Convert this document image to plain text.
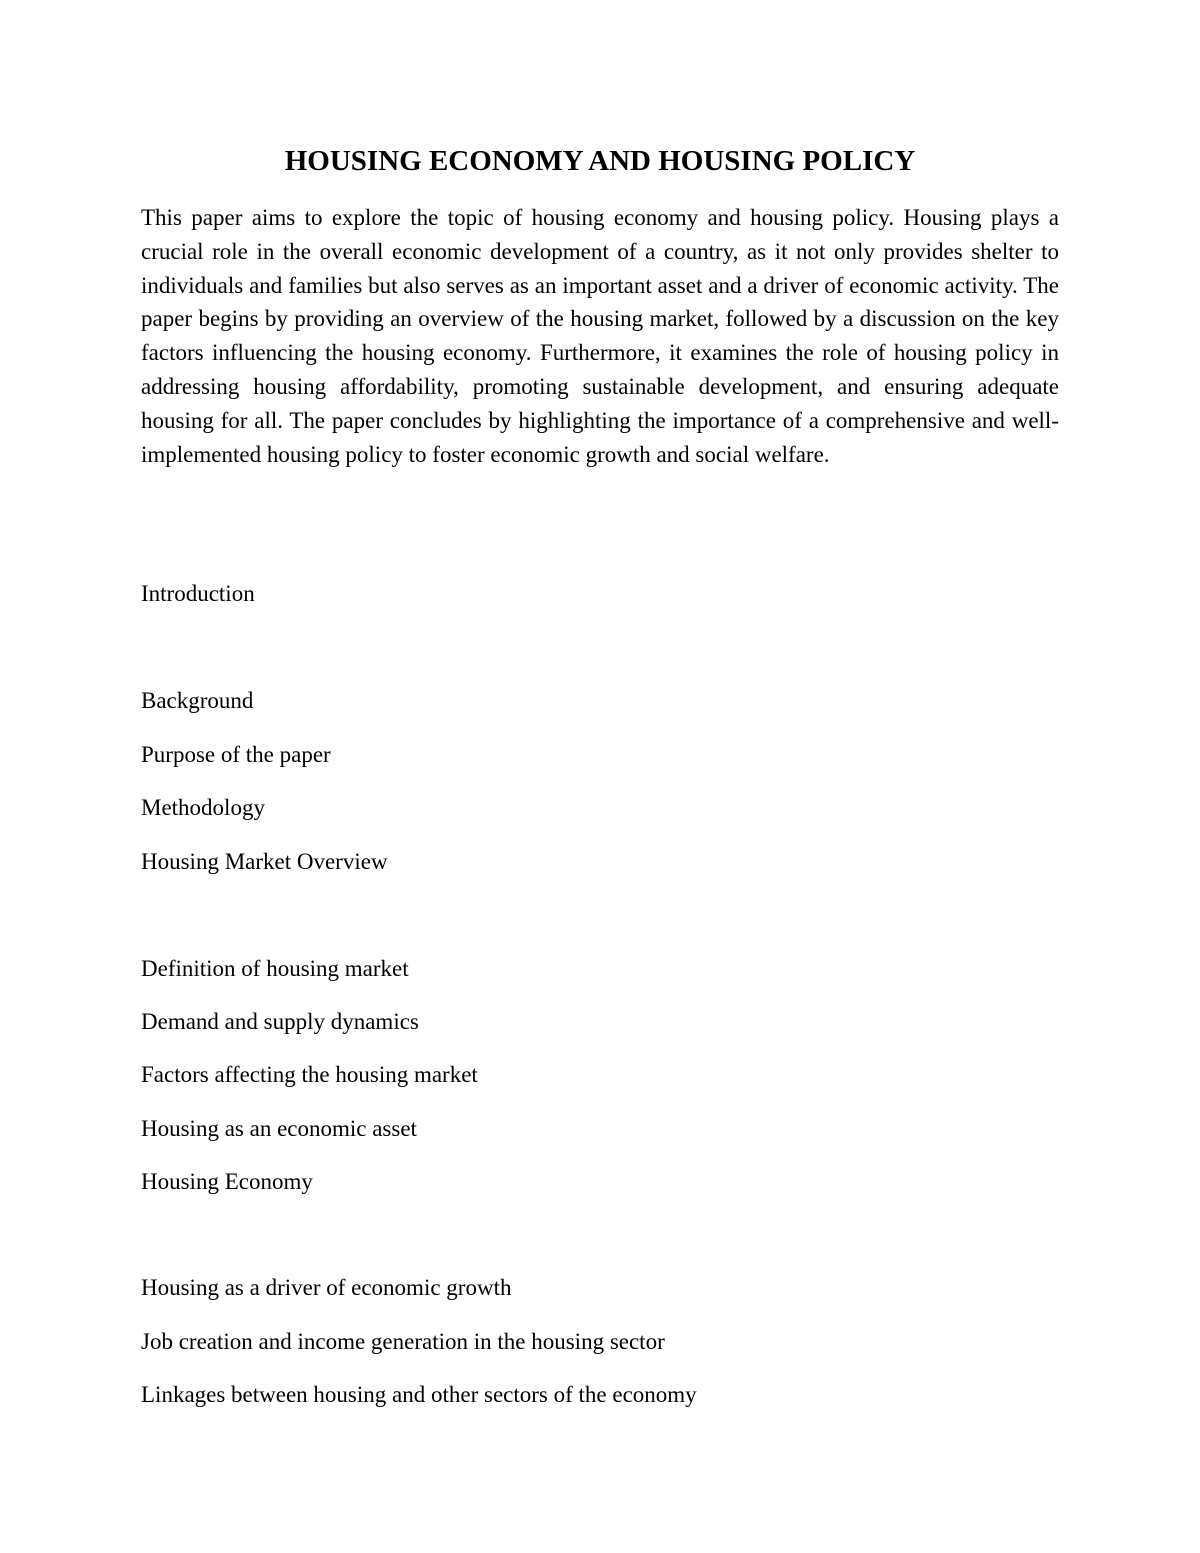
HOUSING ECONOMY AND HOUSING POLICY

This paper aims to explore the topic of housing economy and housing policy. Housing plays a crucial role in the overall economic development of a country, as it not only provides shelter to individuals and families but also serves as an important asset and a driver of economic activity. The paper begins by providing an overview of the housing market, followed by a discussion on the key factors influencing the housing economy. Furthermore, it examines the role of housing policy in addressing housing affordability, promoting sustainable development, and ensuring adequate housing for all. The paper concludes by highlighting the importance of a comprehensive and well-implemented housing policy to foster economic growth and social welfare.

Introduction

Background

Purpose of the paper

Methodology

Housing Market Overview

Definition of housing market

Demand and supply dynamics

Factors affecting the housing market

Housing as an economic asset

Housing Economy

Housing as a driver of economic growth

Job creation and income generation in the housing sector

Linkages between housing and other sectors of the economy
